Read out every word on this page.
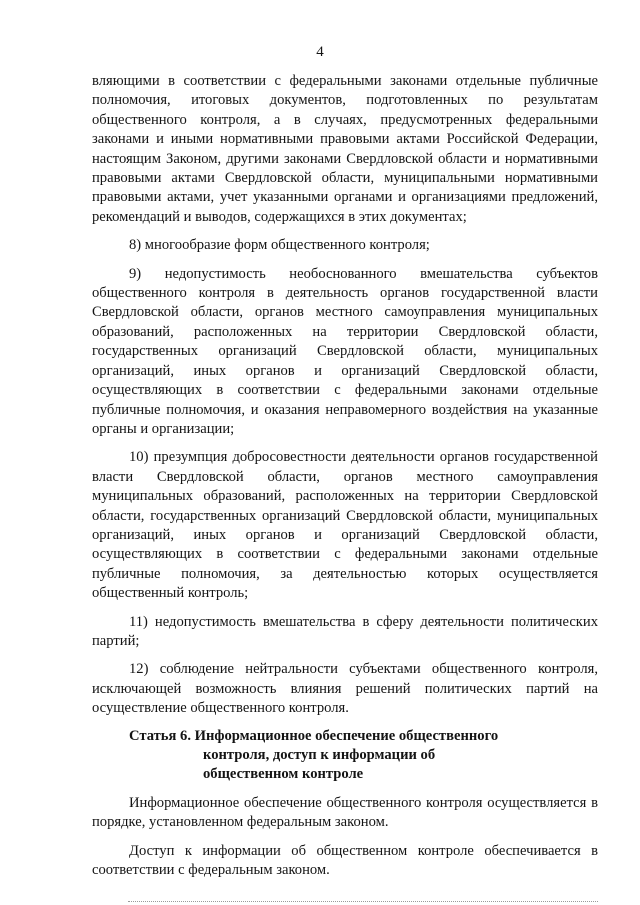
4

вляющими в соответствии с федеральными законами отдельные публичные полномочия, итоговых документов, подготовленных по результатам общественного контроля, а в случаях, предусмотренных федеральными законами и иными нормативными правовыми актами Российской Федерации, настоящим Законом, другими законами Свердловской области и нормативными правовыми актами Свердловской области, муниципальными нормативными правовыми актами, учет указанными органами и организациями предложений, рекомендаций и выводов, содержащихся в этих документах;

8) многообразие форм общественного контроля;

9) недопустимость необоснованного вмешательства субъектов общественного контроля в деятельность органов государственной власти Свердловской области, органов местного самоуправления муниципальных образований, расположенных на территории Свердловской области, государственных организаций Свердловской области, муниципальных организаций, иных органов и организаций Свердловской области, осуществляющих в соответствии с федеральными законами отдельные публичные полномочия, и оказания неправомерного воздействия на указанные органы и организации;

10) презумпция добросовестности деятельности органов государственной власти Свердловской области, органов местного самоуправления муниципальных образований, расположенных на территории Свердловской области, государственных организаций Свердловской области, муниципальных организаций, иных органов и организаций Свердловской области, осуществляющих в соответствии с федеральными законами отдельные публичные полномочия, за деятельностью которых осуществляется общественный контроль;

11) недопустимость вмешательства в сферу деятельности политических партий;

12) соблюдение нейтральности субъектами общественного контроля, исключающей возможность влияния решений политических партий на осуществление общественного контроля.

Статья 6. Информационное обеспечение общественного
контроля, доступ к информации об
общественном контроле

Информационное обеспечение общественного контроля осуществляется в порядке, установленном федеральным законом.

Доступ к информации об общественном контроле обеспечивается в соответствии с федеральным законом.
